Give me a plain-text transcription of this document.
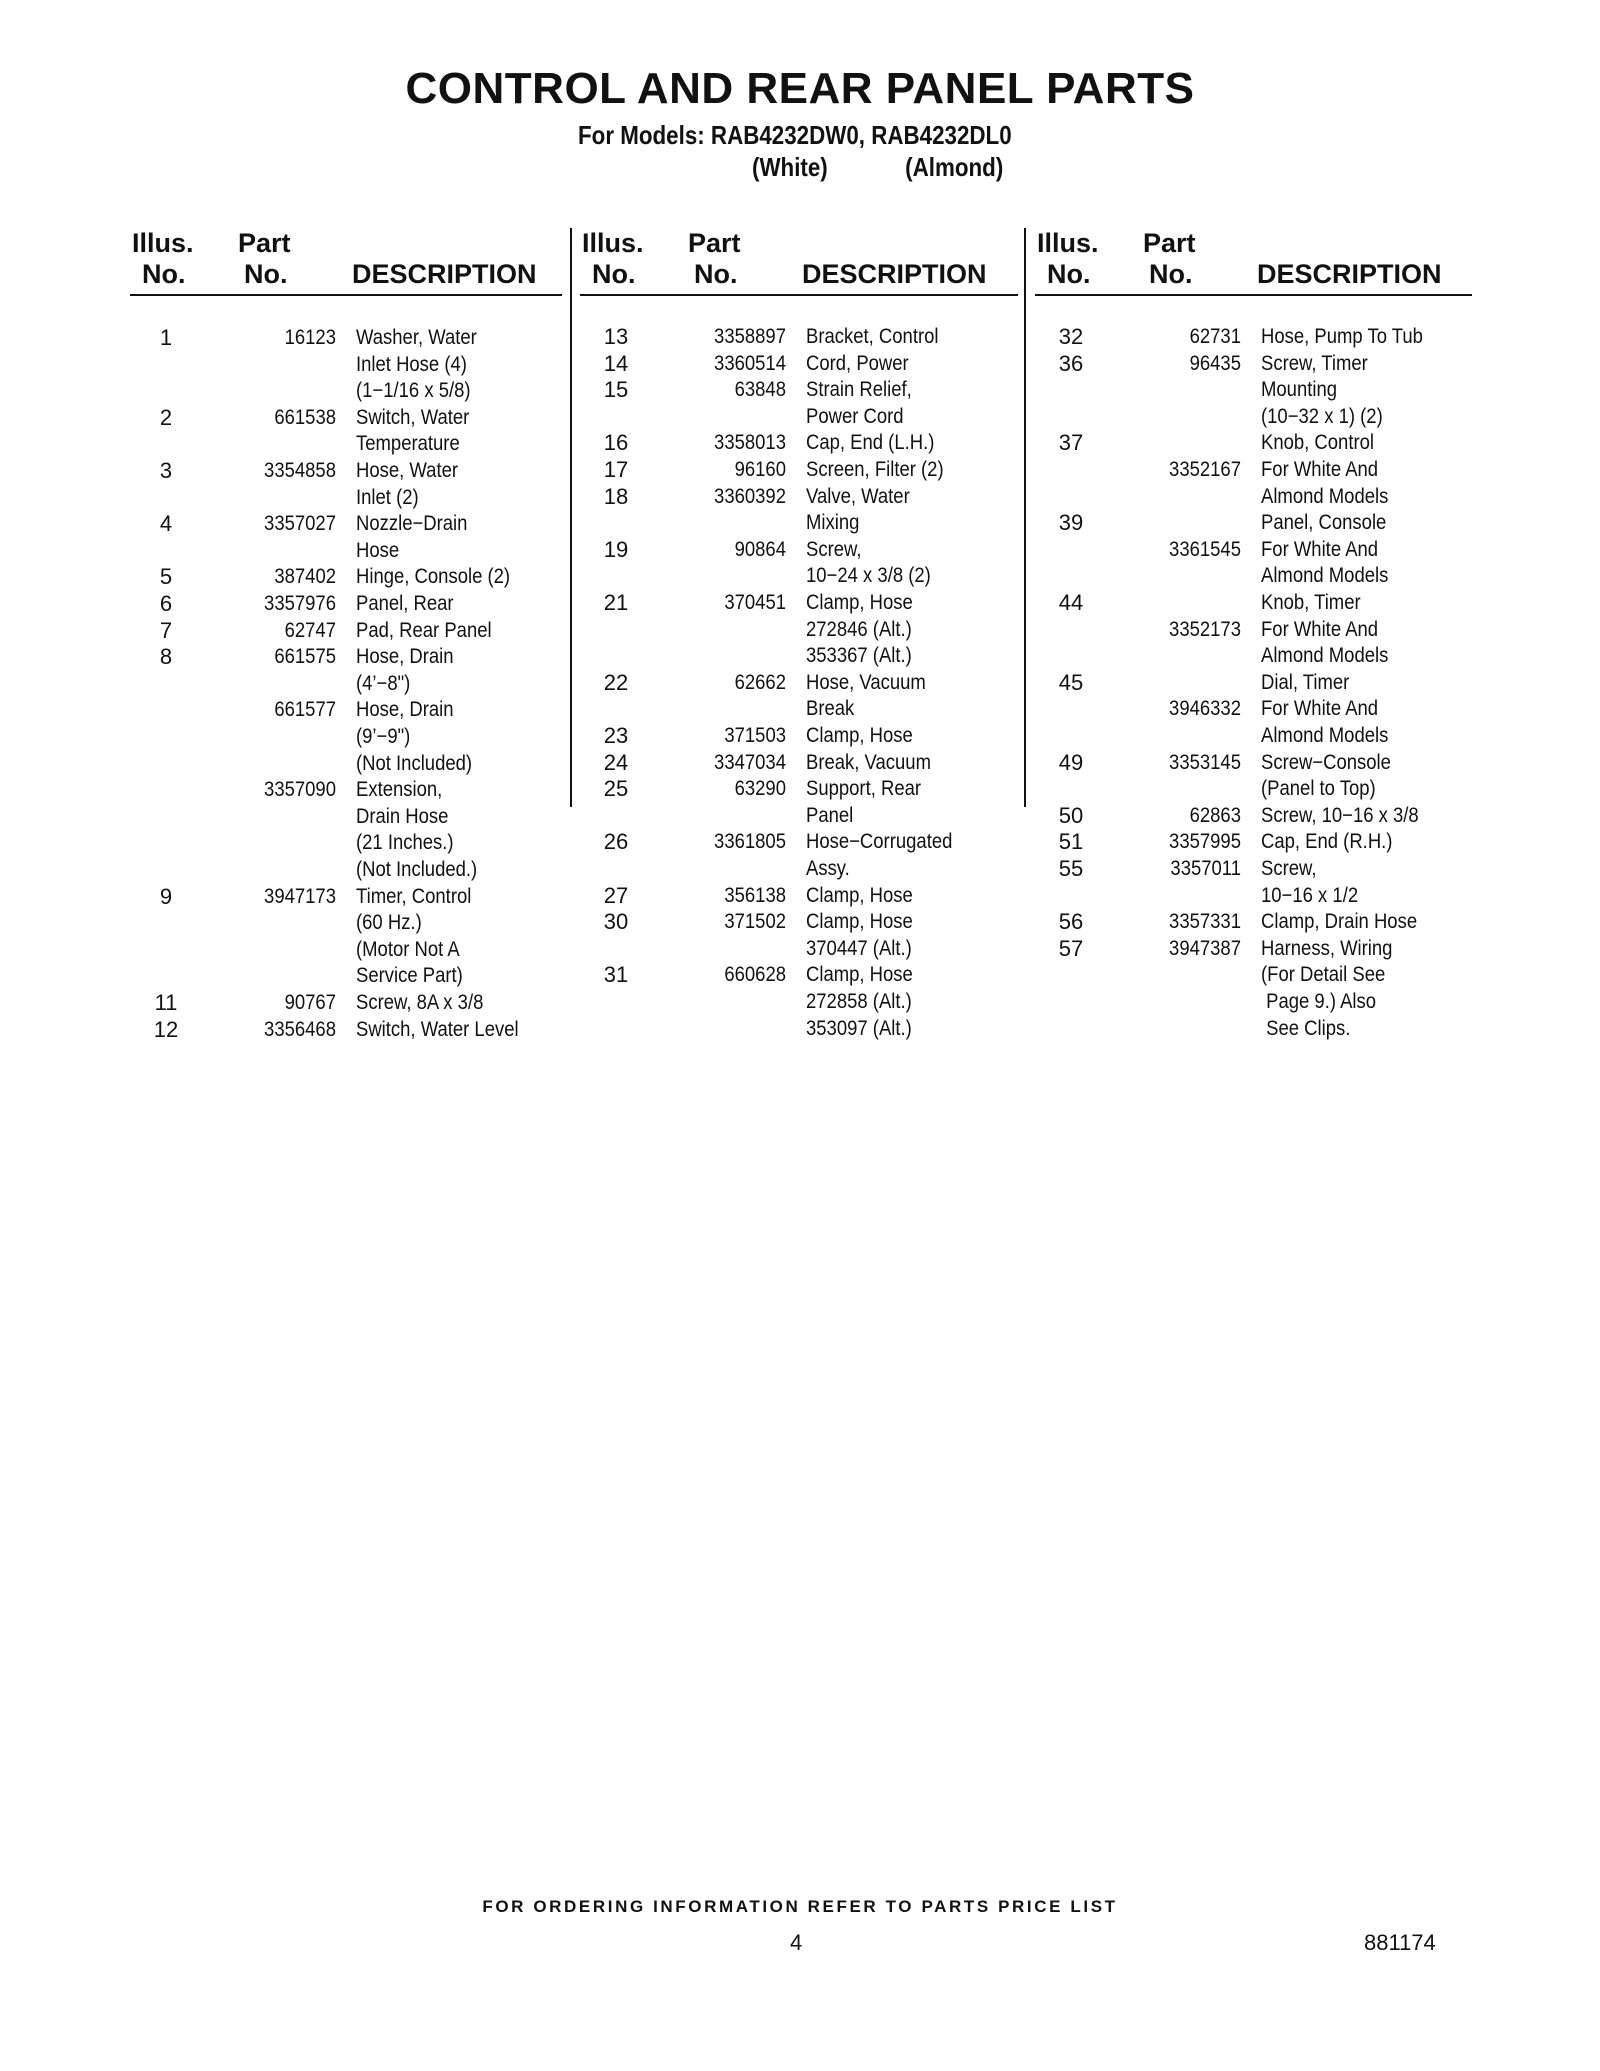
CONTROL AND REAR PANEL PARTS
For Models: RAB4232DW0, RAB4232DL0
(White)	(Almond)
Illus.
No.
Part
No. DESCRIPTION
1	16123 Washer, Water
Inlet Hose (4)
(1−1/16 x 5/8)
2	661538 Switch, Water
Temperature
3	3354858 Hose, Water
Inlet (2)
4	3357027 Nozzle−Drain
Hose
5	387402 Hinge, Console (2)
6	3357976 Panel, Rear
7	62747 Pad, Rear Panel
8	661575 Hose, Drain
(4’−8")
661577 Hose, Drain
(9’−9")
(Not Included)
3357090 Extension,
Drain Hose
(21 Inches.)
(Not Included.)
9	3947173 Timer, Control
(60 Hz.)
(Motor Not A
Service Part)
11	90767 Screw, 8A x 3/8
12	3356468 Switch, Water Level
Illus.
No.
Part
No. DESCRIPTION
13	3358897 Bracket, Control
14	3360514 Cord, Power
15	63848 Strain Relief,
Power Cord
16	3358013 Cap, End (L.H.)
17	96160 Screen, Filter (2)
18	3360392 Valve, Water
Mixing
19	90864 Screw,
10−24 x 3/8 (2)
21	370451 Clamp, Hose
272846 (Alt.)
353367 (Alt.)
22	62662 Hose, Vacuum
Break
23	371503 Clamp, Hose
24	3347034 Break, Vacuum
25	63290 Support, Rear
Panel
26	3361805 Hose−Corrugated
Assy.
27	356138 Clamp, Hose
30	371502 Clamp, Hose
370447 (Alt.)
31	660628 Clamp, Hose
272858 (Alt.)
353097 (Alt.)
Illus.
No.
Part
No. DESCRIPTION
32	62731 Hose, Pump To Tub
36	96435 Screw, Timer
Mounting
(10−32 x 1) (2)
37	Knob, Control
3352167 For White And
Almond Models
39	Panel, Console
3361545 For White And
Almond Models
44	Knob, Timer
3352173 For White And
Almond Models
45	Dial, Timer
3946332 For White And
Almond Models
49	3353145 Screw−Console
(Panel to Top)
50	62863 Screw, 10−16 x 3/8
51	3357995 Cap, End (R.H.)
55	3357011 Screw,
10−16 x 1/2
56	3357331 Clamp, Drain Hose
57	3947387 Harness, Wiring
(For Detail See
Page 9.) Also
See Clips.
FOR ORDERING INFORMATION REFER TO PARTS PRICE LIST
4	881174
